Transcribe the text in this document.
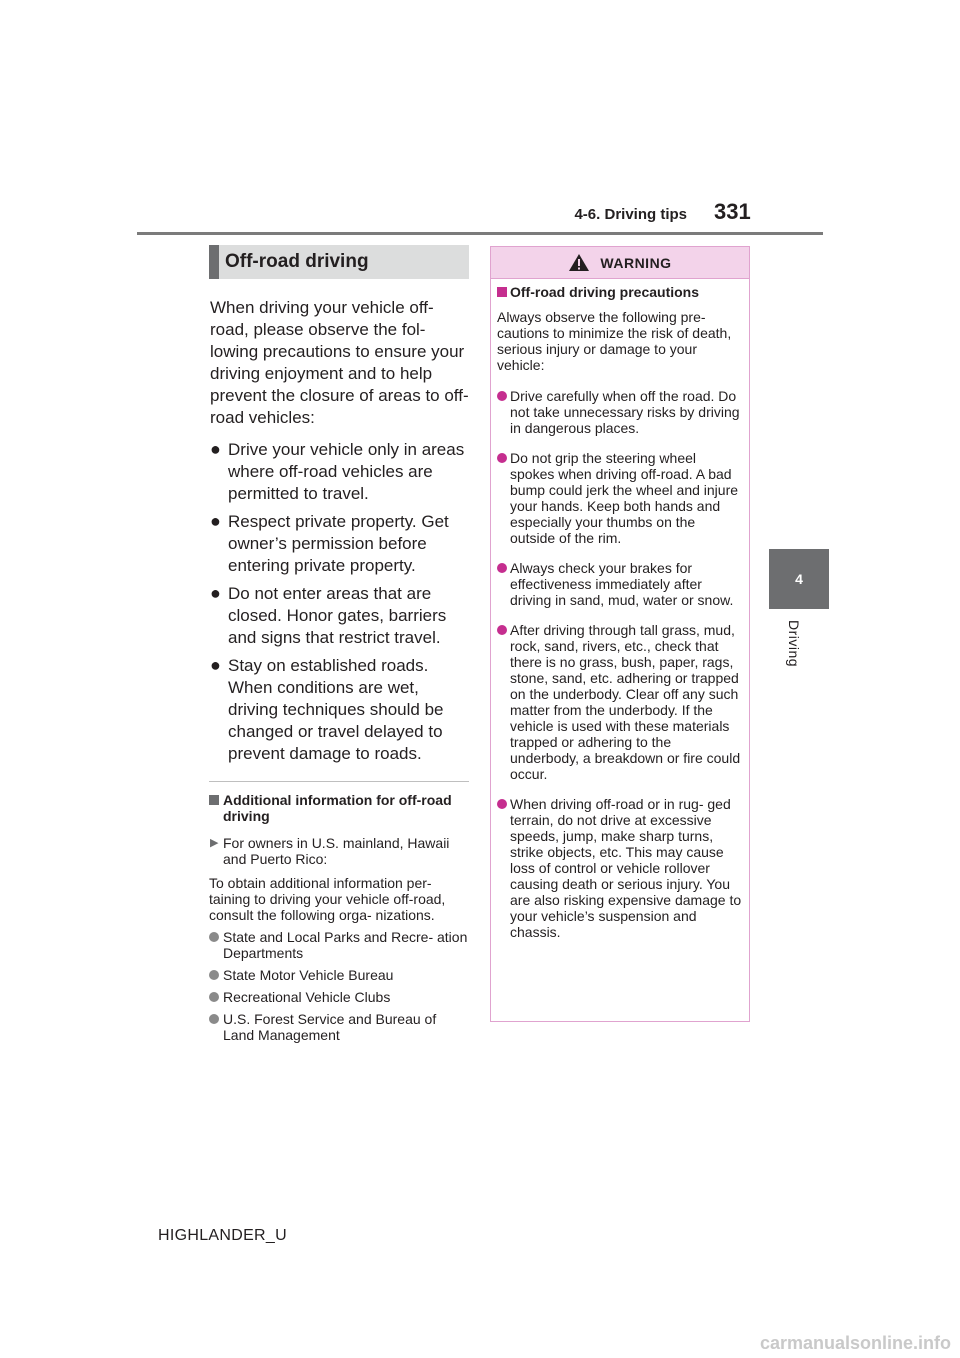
4-6. Driving tips 331
4
Driving
Off-road driving
When driving your vehicle off-road, please observe the fol- lowing precautions to ensure your driving enjoyment and to help prevent the closure of areas to off-road vehicles:
● Drive your vehicle only in areas where off-road vehicles are permitted to travel.
● Respect private property. Get owner’s permission before entering private property.
● Do not enter areas that are closed. Honor gates, barriers and signs that restrict travel.
● Stay on established roads. When conditions are wet, driving techniques should be changed or travel delayed to prevent damage to roads.
Additional information for off-road driving
▶ For owners in U.S. mainland, Hawaii and Puerto Rico:
To obtain additional information per- taining to driving your vehicle off-road, consult the following orga- nizations.
State and Local Parks and Recre- ation Departments
State Motor Vehicle Bureau
Recreational Vehicle Clubs
U.S. Forest Service and Bureau of Land Management
WARNING
Off-road driving precautions
Always observe the following pre- cautions to minimize the risk of death, serious injury or damage to your vehicle:
Drive carefully when off the road. Do not take unnecessary risks by driving in dangerous places.
Do not grip the steering wheel spokes when driving off-road. A bad bump could jerk the wheel and injure your hands. Keep both hands and especially your thumbs on the outside of the rim.
Always check your brakes for effectiveness immediately after driving in sand, mud, water or snow.
After driving through tall grass, mud, rock, sand, rivers, etc., check that there is no grass, bush, paper, rags, stone, sand, etc. adhering or trapped on the underbody. Clear off any such matter from the underbody. If the vehicle is used with these materials trapped or adhering to the underbody, a breakdown or fire could occur.
When driving off-road or in rug- ged terrain, do not drive at excessive speeds, jump, make sharp turns, strike objects, etc. This may cause loss of control or vehicle rollover causing death or serious injury. You are also risking expensive damage to your vehicle’s suspension and chassis.
HIGHLANDER_U
carmanualsonline.info
